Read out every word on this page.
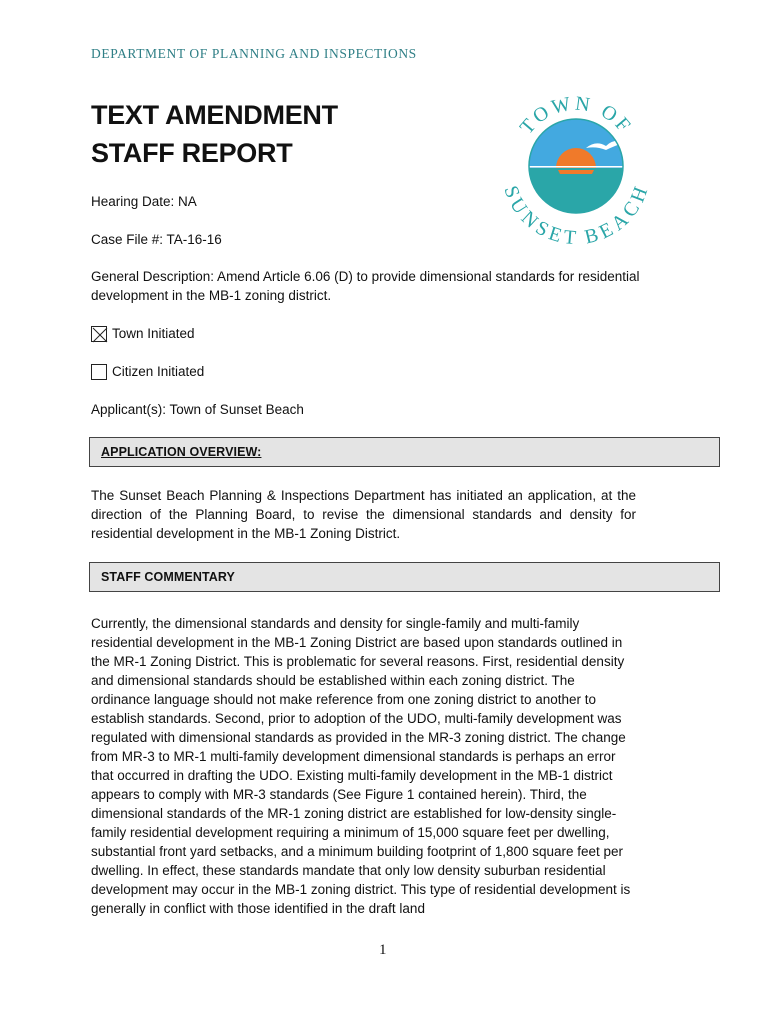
DEPARTMENT OF PLANNING AND INSPECTIONS
TEXT AMENDMENT
STAFF REPORT
TOWN OF
SUNSET BEACH
Hearing Date: NA
Case File #: TA-16-16
General Description: Amend Article 6.06 (D) to provide dimensional standards for residential development in the MB-1 zoning district.
Town Initiated
Citizen Initiated
Applicant(s): Town of Sunset Beach
APPLICATION OVERVIEW:
The Sunset Beach Planning & Inspections Department has initiated an application, at the direction of the Planning Board, to revise the dimensional standards and density for residential development in the MB-1 Zoning District.
STAFF COMMENTARY
Currently, the dimensional standards and density for single-family and multi-family residential development in the MB-1 Zoning District are based upon standards outlined in the MR-1 Zoning District. This is problematic for several reasons. First, residential density and dimensional standards should be established within each zoning district. The ordinance language should not make reference from one zoning district to another to establish standards. Second, prior to adoption of the UDO, multi-family development was regulated with dimensional standards as provided in the MR-3 zoning district. The change from MR-3 to MR-1 multi-family development dimensional standards is perhaps an error that occurred in drafting the UDO. Existing multi-family development in the MB-1 district appears to comply with MR-3 standards (See Figure 1 contained herein). Third, the dimensional standards of the MR-1 zoning district are established for low-density single-family residential development requiring a minimum of 15,000 square feet per dwelling, substantial front yard setbacks, and a minimum building footprint of 1,800 square feet per dwelling. In effect, these standards mandate that only low density suburban residential development may occur in the MB-1 zoning district. This type of residential development is generally in conflict with those identified in the draft land
1
